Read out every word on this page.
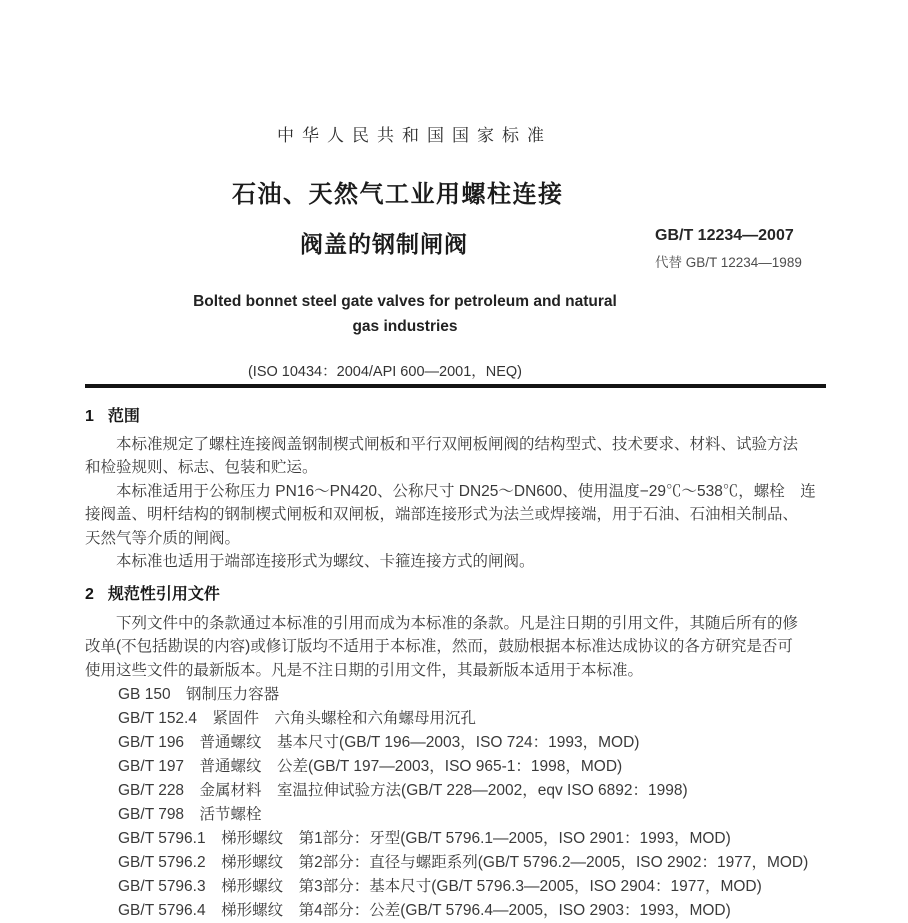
中华人民共和国国家标准
石油、天然气工业用螺柱连接
阀盖的钢制闸阀	GB/T 12234—2007
代替 GB/T 12234—1989
Bolted bonnet steel gate valves for petroleum and natural
gas industries
(ISO 10434：2004/API 600—2001，NEQ)
1 范围
本标准规定了螺柱连接阀盖钢制楔式闸板和平行双闸板闸阀的结构型式、技术要求、材料、试验方法
和检验规则、标志、包装和贮运。
本标准适用于公称压力 PN16～PN420、公称尺寸 DN25～DN600、使用温度−29℃～538℃，螺栓　连
接阀盖、明杆结构的钢制楔式闸板和双闸板，端部连接形式为法兰或焊接端，用于石油、石油相关制品、
天然气等介质的闸阀。
本标准也适用于端部连接形式为螺纹、卡箍连接方式的闸阀。
2 规范性引用文件
下列文件中的条款通过本标准的引用而成为本标准的条款。凡是注日期的引用文件，其随后所有的修
改单(不包括勘误的内容)或修订版均不适用于本标准，然而，鼓励根据本标准达成协议的各方研究是否可
使用这些文件的最新版本。凡是不注日期的引用文件，其最新版本适用于本标准。
GB 150　钢制压力容器
GB/T 152.4　紧固件　六角头螺栓和六角螺母用沉孔
GB/T 196　普通螺纹　基本尺寸(GB/T 196—2003，ISO 724：1993，MOD)
GB/T 197　普通螺纹　公差(GB/T 197—2003，ISO 965-1：1998，MOD)
GB/T 228　金属材料　室温拉伸试验方法(GB/T 228—2002，eqv ISO 6892：1998)
GB/T 798　活节螺栓
GB/T 5796.1　梯形螺纹　第1部分：牙型(GB/T 5796.1—2005，ISO 2901：1993，MOD)
GB/T 5796.2　梯形螺纹　第2部分：直径与螺距系列(GB/T 5796.2—2005，ISO 2902：1977，MOD)
GB/T 5796.3　梯形螺纹　第3部分：基本尺寸(GB/T 5796.3—2005，ISO 2904：1977，MOD)
GB/T 5796.4　梯形螺纹　第4部分：公差(GB/T 5796.4—2005，ISO 2903：1993，MOD)
